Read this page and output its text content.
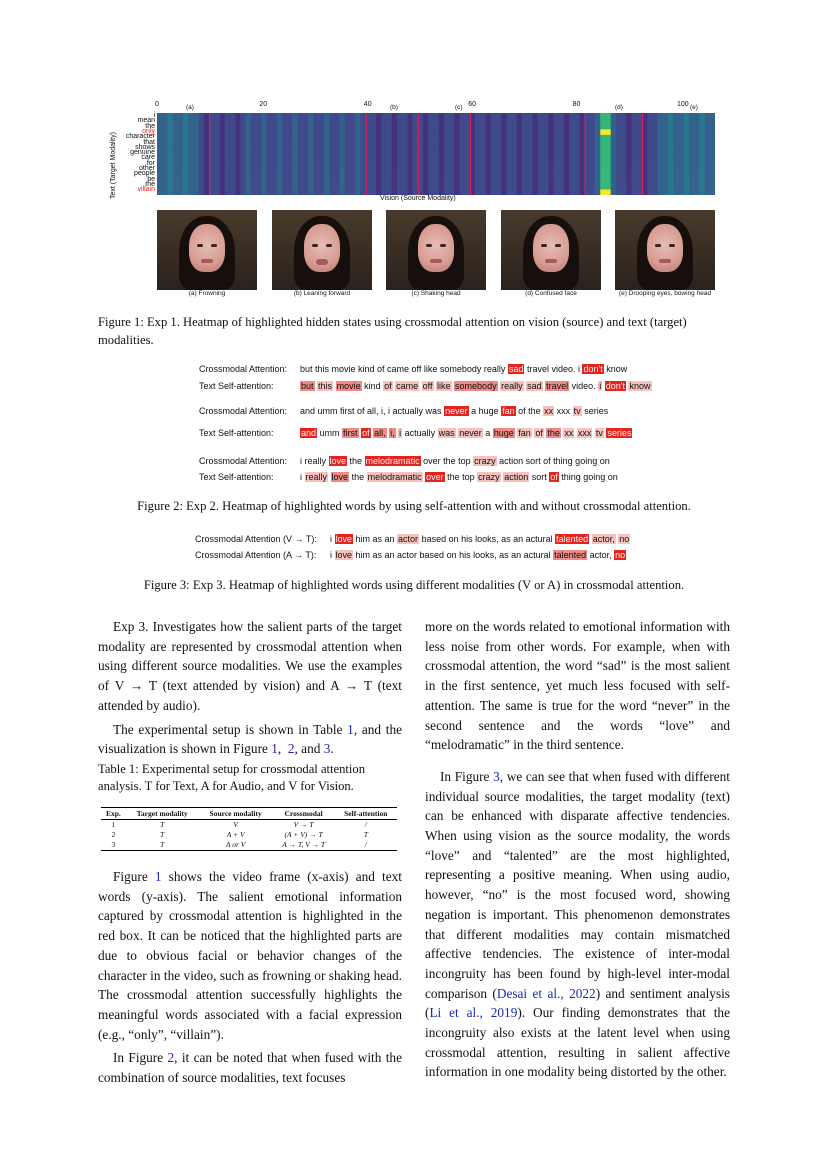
Text (Target Modality)
i
mean
the
only
character
that
shows
genuine
care
for
other
people
be
the
villain
0	20	40	60	80	100
(a)	(b)	(c)	(d)	(e)
Vision (Source Modality)
(a) Frowning	(b) Leaning forward	(c) Shaking head	(d) Confused face	(e) Drooping eyes, bowing head
Figure 1: Exp 1. Heatmap of highlighted hidden states using crossmodal attention on vision (source) and text (target) modalities.
Crossmodal Attention: but this movie kind of came off like somebody really sad travel video. i don't know
Text Self-attention:	but this movie kind of came off like somebody really sad travel video. i don't know
Crossmodal Attention: and umm first of all, i, i actually was never a huge fan of the xx xxx tv series
Text Self-attention:	and umm first of all, i, i actually was never a huge fan of the xx xxx tv series
Crossmodal Attention: i really love the melodramatic over the top crazy action sort of thing going on
Text Self-attention:	i really love the melodramatic over the top crazy action sort of thing going on
Figure 2: Exp 2. Heatmap of highlighted words by using self-attention with and without crossmodal attention.
Crossmodal Attention (V → T): i love him as an actor based on his looks, as an actural talented actor, no
Crossmodal Attention (A → T): i love him as an actor based on his looks, as an actural talented actor, no
Figure 3: Exp 3. Heatmap of highlighted words using different modalities (V or A) in crossmodal attention.

Exp 3. Investigates how the salient parts of the target modality are represented by crossmodal attention when using different source modalities. We use the examples of V → T (text attended by vision) and A → T (text attended by audio).

The experimental setup is shown in Table 1, and the visualization is shown in Figure 1,  2, and 3.

Table 1: Experimental setup for crossmodal attention analysis. T for Text, A for Audio, and V for Vision.
Exp.	Target modality	Source modality	Crossmodal	Self-attention
1	T	V	V → T	/
2	T	A + V	(A + V) → T	T
3	T	A or V	A → T, V → T	/

Figure 1 shows the video frame (x-axis) and text words (y-axis). The salient emotional information captured by crossmodal attention is highlighted in the red box. It can be noticed that the highlighted parts are due to obvious facial or behavior changes of the character in the video, such as frowning or shaking head. The crossmodal attention successfully highlights the meaningful words associated with a facial expression (e.g., “only”, “villain”).

In Figure 2, it can be noted that when fused with the combination of source modalities, text focuses

more on the words related to emotional information with less noise from other words. For example, when with crossmodal attention, the word “sad” is the most salient in the first sentence, yet much less focused with self-attention. The same is true for the word “never” in the second sentence and the words “love” and “melodramatic” in the third sentence.

In Figure 3, we can see that when fused with different individual source modalities, the target modality (text) can be enhanced with disparate affective tendencies. When using vision as the source modality, the words “love” and “talented” are the most highlighted, representing a positive meaning. When using audio, however, “no” is the most focused word, showing negation is important. This phenomenon demonstrates that different modalities may contain mismatched affective tendencies. The existence of inter-modal incongruity has been found by high-level inter-modal comparison (Desai et al., 2022) and sentiment analysis (Li et al., 2019). Our finding demonstrates that the incongruity also exists at the latent level when using crossmodal attention, resulting in salient affective information in one modality being distorted by the other.
